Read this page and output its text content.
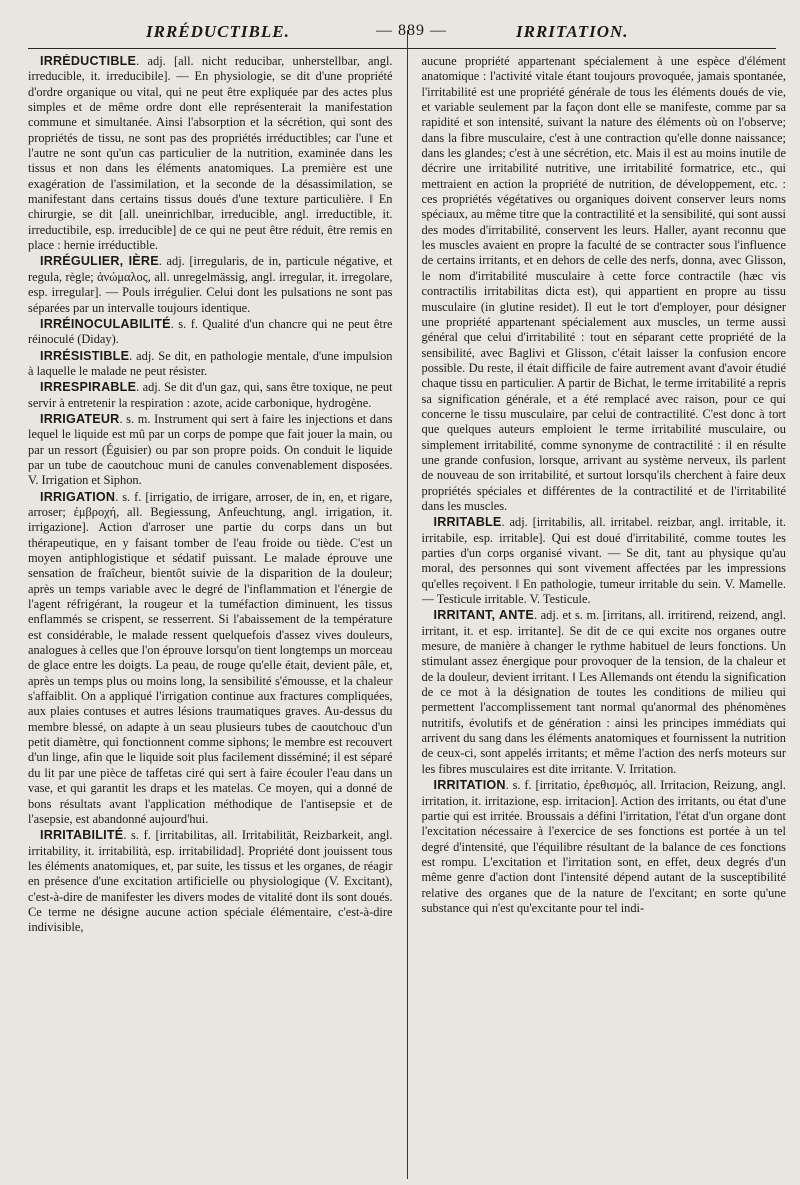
IRRÉDUCTIBLE.	— 889 —	IRRITATION.

IRRÉDUCTIBLE. adj. [all. nicht reducibar, unherstellbar, angl. irreducible, it. irreducibile]. — En physiologie, se dit d'une propriété d'ordre organique ou vital, qui ne peut être expliquée par des actes plus simples et de même ordre dont elle représenterait la manifestation commune et simultanée. Ainsi l'absorption et la sécrétion, qui sont des propriétés de tissu, ne sont pas des propriétés irréductibles; car l'une et l'autre ne sont qu'un cas particulier de la nutrition, examinée dans les tissus et non dans les éléments anatomiques. La première est une exagération de l'assimilation, et la seconde de la désassimilation, se manifestant dans certains tissus doués d'une texture particulière. ‖ En chirurgie, se dit [all. uneinrichlbar, irreducible, angl. irreductible, it. irreductibile, esp. irreducible] de ce qui ne peut être réduit, être remis en place : hernie irréductible.

IRRÉGULIER, IÈRE. adj. [irregularis, de in, particule négative, et regula, règle; ἀνώμαλος, all. unregelmässig, angl. irregular, it. irregolare, esp. irregular]. — Pouls irrégulier. Celui dont les pulsations ne sont pas séparées par un intervalle toujours identique.

IRRÉINOCULABILITÉ. s. f. Qualité d'un chancre qui ne peut être réinoculé (Diday).

IRRÉSISTIBLE. adj. Se dit, en pathologie mentale, d'une impulsion à laquelle le malade ne peut résister.

IRRESPIRABLE. adj. Se dit d'un gaz, qui, sans être toxique, ne peut servir à entretenir la respiration : azote, acide carbonique, hydrogène.

IRRIGATEUR. s. m. Instrument qui sert à faire les injections et dans lequel le liquide est mû par un corps de pompe que fait jouer la main, ou par un ressort (Éguisier) ou par son propre poids. On conduit le liquide par un tube de caoutchouc muni de canules convenablement disposées. V. Irrigation et Siphon.

IRRIGATION. s. f. [irrigatio, de irrigare, arroser, de in, en, et rigare, arroser; ἐμβροχή, all. Begiessung, Anfeuchtung, angl. irrigation, it. irrigazione]. Action d'arroser une partie du corps dans un but thérapeutique, en y faisant tomber de l'eau froide ou tiède. C'est un moyen antiphlogistique et sédatif puissant. Le malade éprouve une sensation de fraîcheur, bientôt suivie de la disparition de la douleur; après un temps variable avec le degré de l'inflammation et l'énergie de l'agent réfrigérant, la rougeur et la tuméfaction diminuent, les tissus enflammés se crispent, se resserrent. Si l'abaissement de la température est considérable, le malade ressent quelquefois d'assez vives douleurs, analogues à celles que l'on éprouve lorsqu'on tient longtemps un morceau de glace entre les doigts. La peau, de rouge qu'elle était, devient pâle, et, après un temps plus ou moins long, la sensibilité s'émousse, et la chaleur s'affaiblit. On a appliqué l'irrigation continue aux fractures compliquées, aux plaies contuses et autres lésions traumatiques graves. Au-dessus du membre blessé, on adapte à un seau plusieurs tubes de caoutchouc d'un petit diamètre, qui fonctionnent comme siphons; le membre est recouvert d'un linge, afin que le liquide soit plus facilement disséminé; il est séparé du lit par une pièce de taffetas ciré qui sert à faire écouler l'eau dans un vase, et qui garantit les draps et les matelas. Ce moyen, qui a donné de bons résultats avant l'application méthodique de l'antisepsie et de l'asepsie, est abandonné aujourd'hui.

IRRITABILITÉ. s. f. [irritabilitas, all. Irritabilität, Reizbarkeit, angl. irritability, it. irritabilità, esp. irritabilidad]. Propriété dont jouissent tous les éléments anatomiques, et, par suite, les tissus et les organes, de réagir en présence d'une excitation artificielle ou physiologique (V. Excitant), c'est-à-dire de manifester les divers modes de vitalité dont ils sont doués. Ce terme ne désigne aucune action spéciale élémentaire, c'est-à-dire indivisible,

aucune propriété appartenant spécialement à une espèce d'élément anatomique : l'activité vitale étant toujours provoquée, jamais spontanée, l'irritabilité est une propriété générale de tous les éléments doués de vie, et variable seulement par la façon dont elle se manifeste, comme par sa rapidité et son intensité, suivant la nature des éléments où on l'observe; dans la fibre musculaire, c'est à une contraction qu'elle donne naissance; dans les glandes; c'est à une sécrétion, etc. Mais il est au moins inutile de décrire une irritabilité nutritive, une irritabilité formatrice, etc., qui mettraient en action la propriété de nutrition, de développement, etc. : ces propriétés végétatives ou organiques doivent conserver leurs noms spéciaux, au même titre que la contractilité et la sensibilité, qui sont aussi des modes d'irritabilité, conservent les leurs. Haller, ayant reconnu que les muscles avaient en propre la faculté de se contracter sous l'influence de certains irritants, et en dehors de celle des nerfs, donna, avec Glisson, le nom d'irritabilité musculaire à cette force contractile (hæc vis contractilis irritabilitas dicta est), qui appartient en propre au tissu musculaire (in glutine residet). Il eut le tort d'employer, pour désigner une propriété appartenant spécialement aux muscles, un terme aussi général que celui d'irritabilité : tout en séparant cette propriété de la sensibilité, avec Baglivi et Glisson, c'était laisser la confusion encore possible. Du reste, il était difficile de faire autrement avant d'avoir étudié chaque tissu en particulier. A partir de Bichat, le terme irritabilité a repris sa signification générale, et a été remplacé avec raison, pour ce qui concerne le tissu musculaire, par celui de contractilité. C'est donc à tort que quelques auteurs emploient le terme irritabilité musculaire, ou simplement irritabilité, comme synonyme de contractilité : il en résulte une grande confusion, lorsque, arrivant au système nerveux, ils parlent de nouveau de son irritabilité, et surtout lorsqu'ils cherchent à faire deux propriétés spéciales et différentes de la contractilité et de l'irritabilité dans les muscles.

IRRITABLE. adj. [irritabilis, all. irritabel. reizbar, angl. irritable, it. irritabile, esp. irritable]. Qui est doué d'irritabilité, comme toutes les parties d'un corps organisé vivant. — Se dit, tant au physique qu'au moral, des personnes qui sont vivement affectées par les impressions qu'elles reçoivent. ‖ En pathologie, tumeur irritable du sein. V. Mamelle. — Testicule irritable. V. Testicule.

IRRITANT, ANTE. adj. et s. m. [irritans, all. irritirend, reizend, angl. irritant, it. et esp. irritante]. Se dit de ce qui excite nos organes outre mesure, de manière à changer le rythme habituel de leurs fonctions. Un stimulant assez énergique pour provoquer de la tension, de la chaleur et de la douleur, devient irritant. ‖ Les Allemands ont étendu la signification de ce mot à la désignation de toutes les conditions de milieu qui permettent l'accomplissement tant normal qu'anormal des phénomènes nutritifs, évolutifs et de génération : ainsi les principes immédiats qui arrivent du sang dans les éléments anatomiques et fournissent la nutrition de ceux-ci, sont appelés irritants; et même l'action des nerfs moteurs sur les fibres musculaires est dite irritante. V. Irritation.

IRRITATION. s. f. [irritatio, ἐρεθισμός, all. Irritacion, Reizung, angl. irritation, it. irritazione, esp. irritacion]. Action des irritants, ou état d'une partie qui est irritée. Broussais a défini l'irritation, l'état d'un organe dont l'excitation nécessaire à l'exercice de ses fonctions est portée à un tel degré d'intensité, que l'équilibre résultant de la balance de ces fonctions est rompu. L'excitation et l'irritation sont, en effet, deux degrés d'un même genre d'action dont l'intensité dépend autant de la susceptibilité relative des organes que de la nature de l'excitant; en sorte qu'une substance qui n'est qu'excitante pour tel indi-
